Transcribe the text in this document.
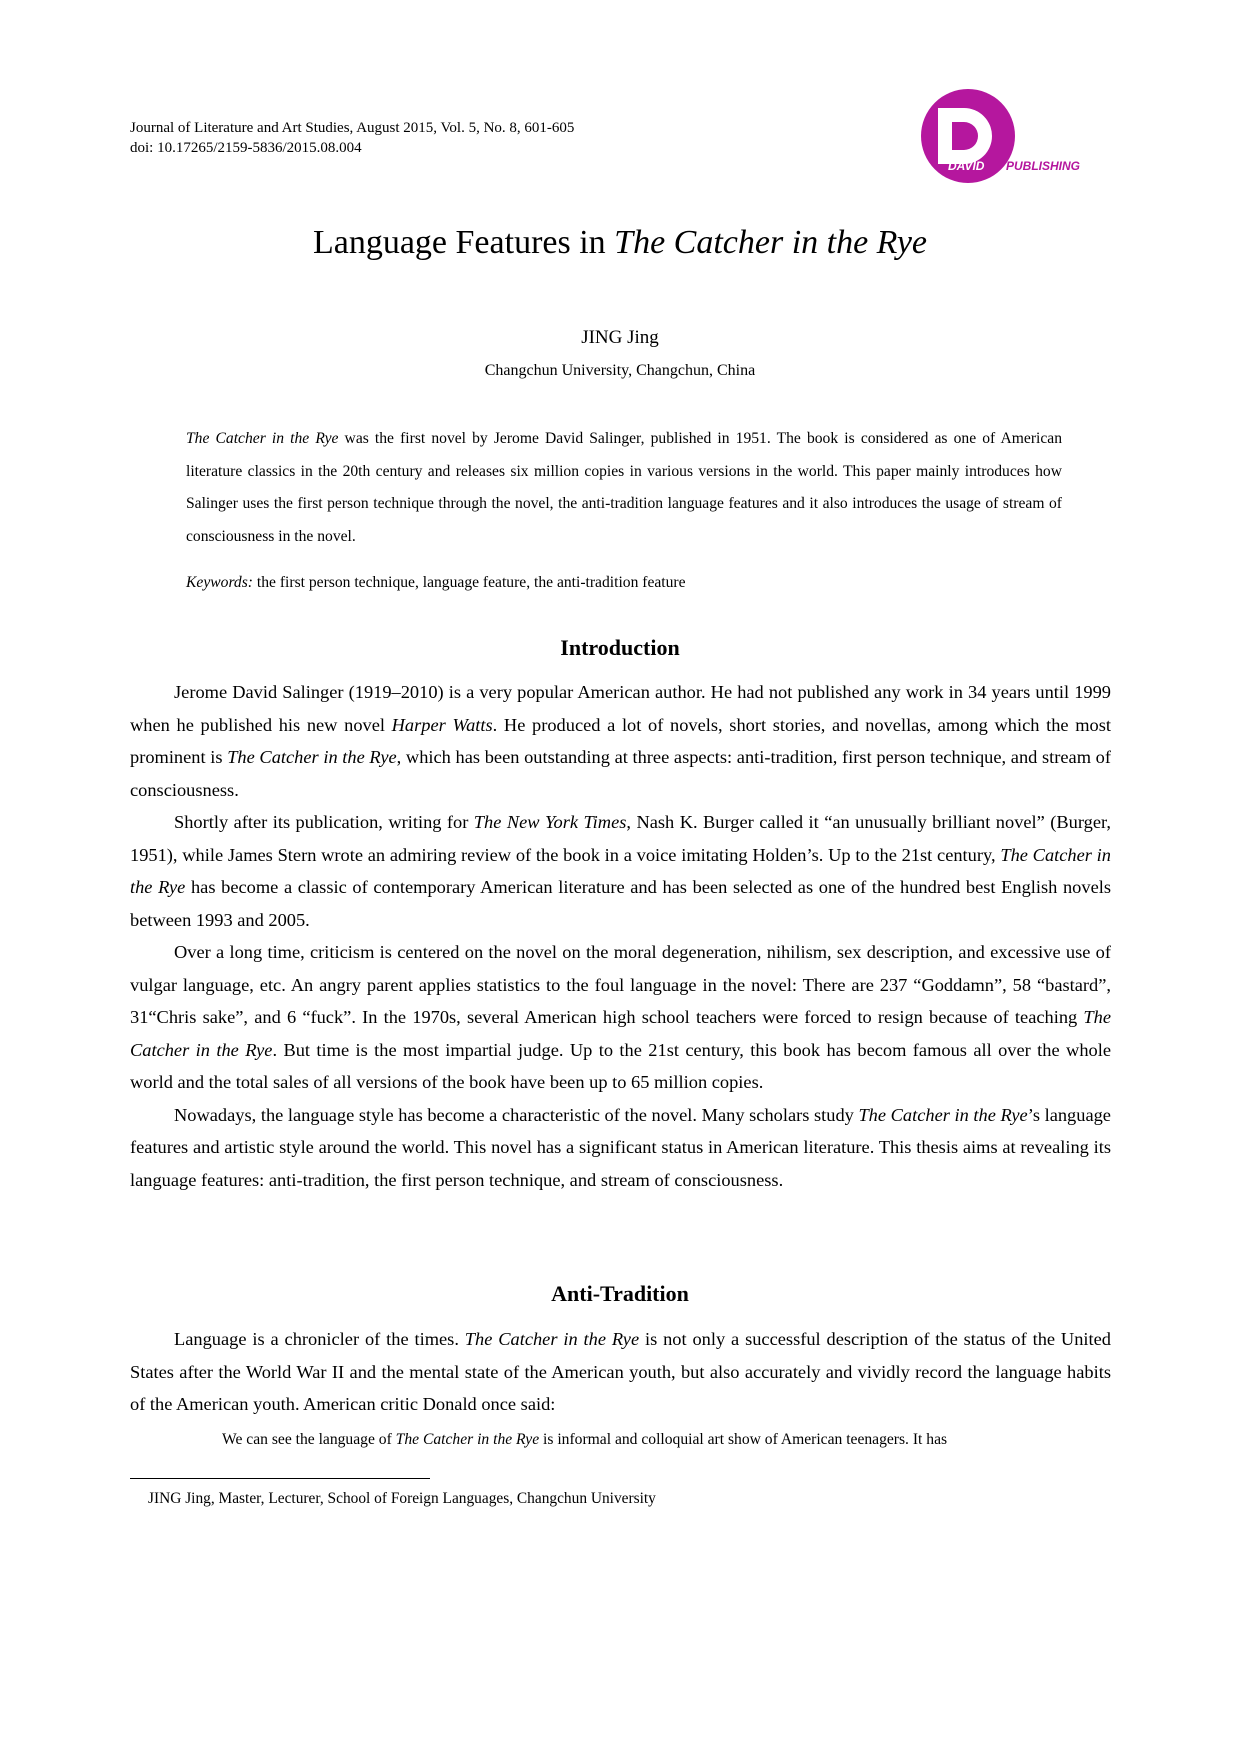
Journal of Literature and Art Studies, August 2015, Vol. 5, No. 8, 601-605
doi: 10.17265/2159-5836/2015.08.004
DAVID PUBLISHING
Language Features in The Catcher in the Rye
JING Jing
Changchun University, Changchun, China
The Catcher in the Rye was the first novel by Jerome David Salinger, published in 1951. The book is considered as one of American literature classics in the 20th century and releases six million copies in various versions in the world. This paper mainly introduces how Salinger uses the first person technique through the novel, the anti-tradition language features and it also introduces the usage of stream of consciousness in the novel.
Keywords: the first person technique, language feature, the anti-tradition feature
Introduction

Jerome David Salinger (1919–2010) is a very popular American author. He had not published any work in 34 years until 1999 when he published his new novel Harper Watts. He produced a lot of novels, short stories, and novellas, among which the most prominent is The Catcher in the Rye, which has been outstanding at three aspects: anti-tradition, first person technique, and stream of consciousness.

Shortly after its publication, writing for The New York Times, Nash K. Burger called it “an unusually brilliant novel” (Burger, 1951), while James Stern wrote an admiring review of the book in a voice imitating Holden’s. Up to the 21st century, The Catcher in the Rye has become a classic of contemporary American literature and has been selected as one of the hundred best English novels between 1993 and 2005.

Over a long time, criticism is centered on the novel on the moral degeneration, nihilism, sex description, and excessive use of vulgar language, etc. An angry parent applies statistics to the foul language in the novel: There are 237 “Goddamn”, 58 “bastard”, 31“Chris sake”, and 6 “fuck”. In the 1970s, several American high school teachers were forced to resign because of teaching The Catcher in the Rye. But time is the most impartial judge. Up to the 21st century, this book has becom famous all over the whole world and the total sales of all versions of the book have been up to 65 million copies.

Nowadays, the language style has become a characteristic of the novel. Many scholars study The Catcher in the Rye’s language features and artistic style around the world. This novel has a significant status in American literature. This thesis aims at revealing its language features: anti-tradition, the first person technique, and stream of consciousness.

Anti-Tradition

Language is a chronicler of the times. The Catcher in the Rye is not only a successful description of the status of the United States after the World War II and the mental state of the American youth, but also accurately and vividly record the language habits of the American youth. American critic Donald once said:

We can see the language of The Catcher in the Rye is informal and colloquial art show of American teenagers. It has
JING Jing, Master, Lecturer, School of Foreign Languages, Changchun University
